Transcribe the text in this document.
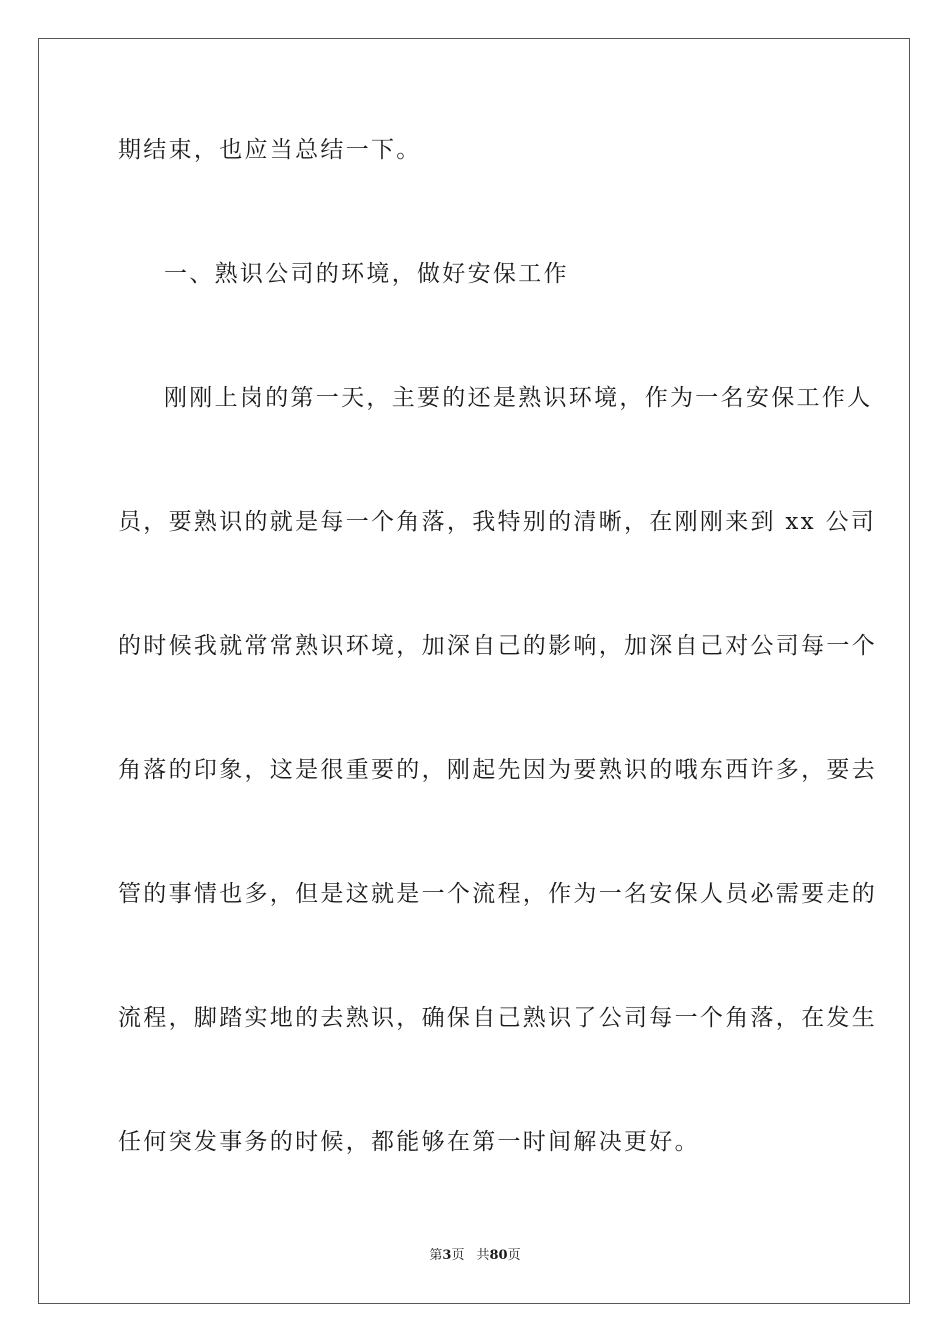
期结束，也应当总结一下。
一、熟识公司的环境，做好安保工作
刚刚上岗的第一天，主要的还是熟识环境，作为一名安保工作人
员，要熟识的就是每一个角落，我特别的清晰，在刚刚来到 xx 公司
的时候我就常常熟识环境，加深自己的影响，加深自己对公司每一个
角落的印象，这是很重要的，刚起先因为要熟识的哦东西许多，要去
管的事情也多，但是这就是一个流程，作为一名安保人员必需要走的
流程，脚踏实地的去熟识，确保自己熟识了公司每一个角落，在发生
任何突发事务的时候，都能够在第一时间解决更好。
第3页 共80页
